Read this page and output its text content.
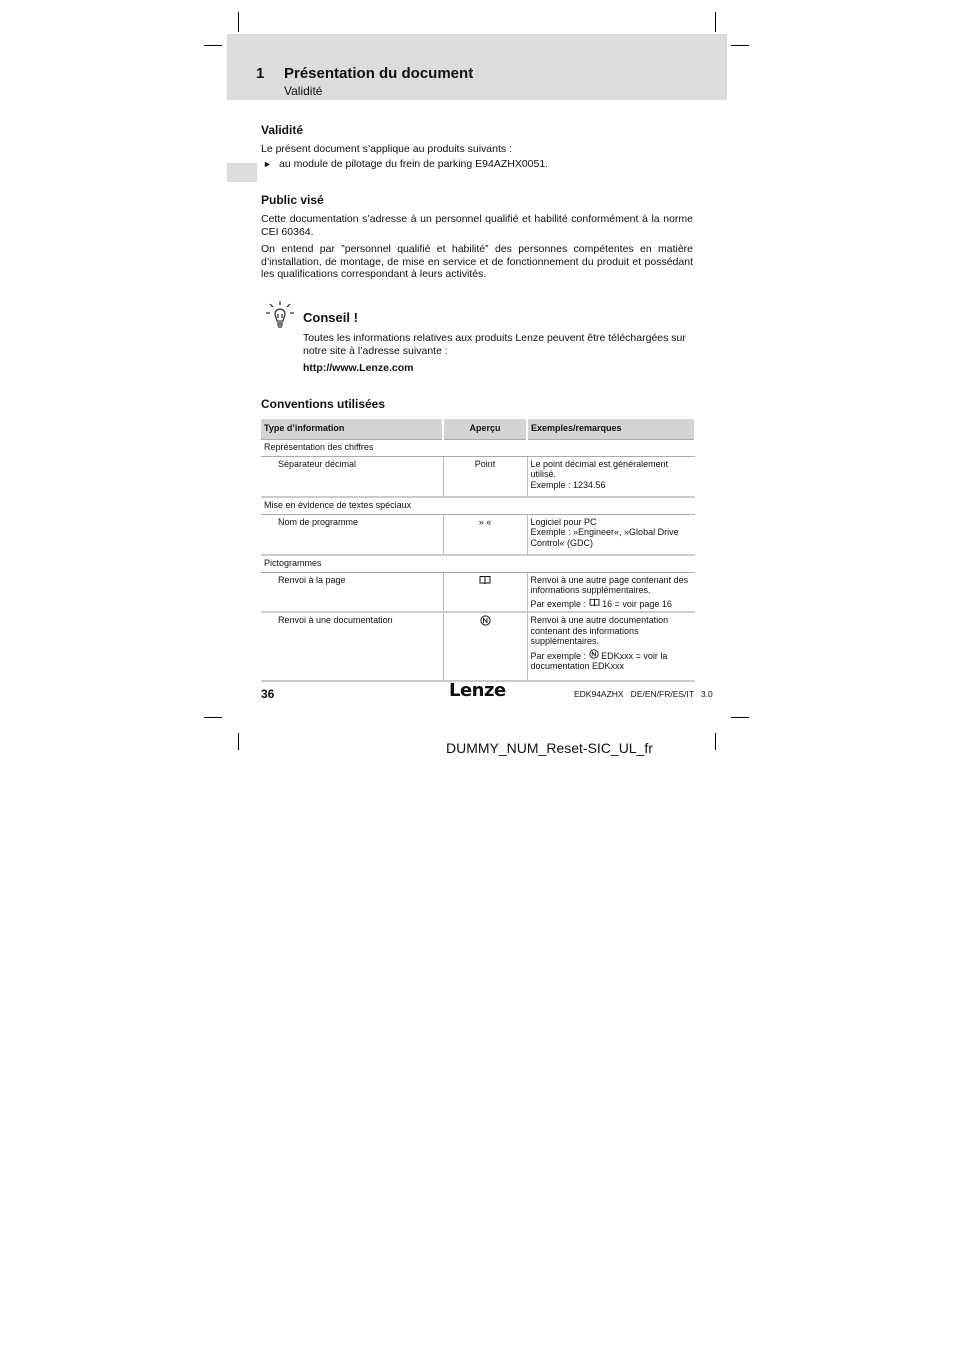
1 Présentation du document
Validité
Validité
Le présent document s’applique au produits suivants :
► au module de pilotage du frein de parking E94AZHX0051.
Public visé
Cette documentation s’adresse à un personnel qualifié et habilité conformément à la norme CEI 60364.
On entend par ”personnel qualifié et habilité” des personnes compétentes en matière d’installation, de montage, de mise en service et de fonctionnement du produit et possédant les qualifications correspondant à leurs activités.
Conseil !
Toutes les informations relatives aux produits Lenze peuvent être téléchargées sur notre site à l’adresse suivante :
http://www.Lenze.com
Conventions utilisées
Type d’information	Aperçu	Exemples/remarques
Représentation des chiffres		
Séparateur décimal	Point	Le point décimal est généralement utilisé.
Exemple : 1234.56

Mise en évidence de textes spéciaux		
Nom de programme	» «	Logiciel pour PC
Exemple : »Engineer«, »Global Drive Control« (GDC)

Pictogrammes		
Renvoi à la page		Renvoi à une autre page contenant des informations supplémentaires.
Par exemple : 16 = voir page 16

Renvoi à une documentation		Renvoi à une autre documentation contenant des informations supplémentaires.
Par exemple : EDKxxx = voir la documentation EDKxxx
36	Lenze	EDK94AZHX   DE/EN/FR/ES/IT   3.0
DUMMY_NUM_Reset-SIC_UL_fr
